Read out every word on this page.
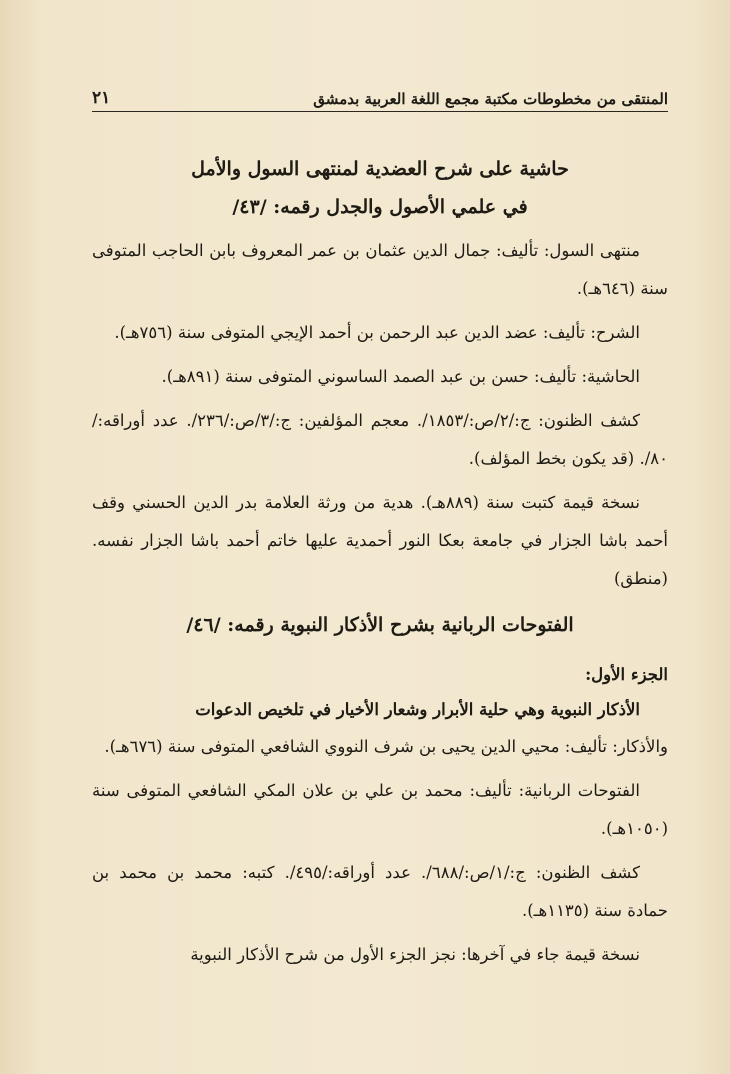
المنتقى من مخطوطات مكتبة مجمع اللغة العربية بدمشق
٢١

حاشية على شرح العضدية لمنتهى السول والأمل

في علمي الأصول والجدل رقمه: /٤٣/

منتهى السول: تأليف: جمال الدين عثمان بن عمر المعروف بابن الحاجب المتوفى سنة (٦٤٦هـ).

الشرح: تأليف: عضد الدين عبد الرحمن بن أحمد الإيجي المتوفى سنة (٧٥٦هـ).

الحاشية: تأليف: حسن بن عبد الصمد الساسوني المتوفى سنة (٨٩١هـ).

كشف الظنون: ج:/٢/ص:/١٨٥٣/. معجم المؤلفين: ج:/٣/ص:/٢٣٦/. عدد أوراقه:/٨٠/. (قد يكون بخط المؤلف).

نسخة قيمة كتبت سنة (٨٨٩هـ). هدية من ورثة العلامة بدر الدين الحسني وقف أحمد باشا الجزار في جامعة بعكا النور أحمدية عليها خاتم أحمد باشا الجزار نفسه. (منطق)

الفتوحات الربانية بشرح الأذكار النبوية رقمه: /٤٦/

الجزء الأول:

الأذكار النبوية وهي حلية الأبرار وشعار الأخيار في تلخيص الدعوات

والأذكار: تأليف: محيي الدين يحيى بن شرف النووي الشافعي المتوفى سنة (٦٧٦هـ).

الفتوحات الربانية: تأليف: محمد بن علي بن علان المكي الشافعي المتوفى سنة (١٠٥٠هـ).

كشف الظنون: ج:/١/ص:/٦٨٨/. عدد أوراقه:/٤٩٥/. كتبه: محمد بن محمد بن حمادة سنة (١١٣٥هـ).

نسخة قيمة جاء في آخرها: نجز الجزء الأول من شرح الأذكار النبوية
